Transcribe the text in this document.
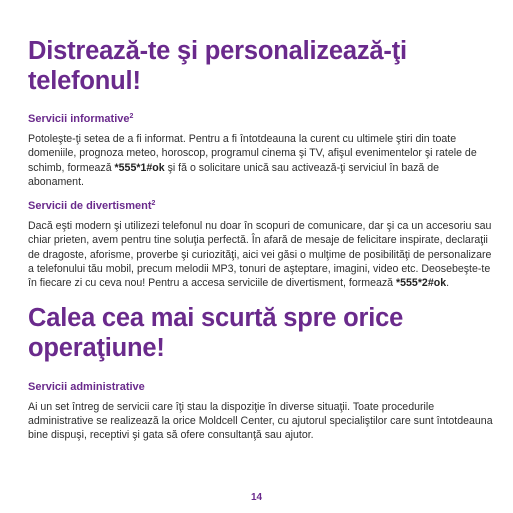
Distrează-te şi personalizează-ţi
telefonul!
Servicii informative$^2$

Potoleşte-ţi setea de a fi informat. Pentru a fi întotdeauna la curent cu ultimele ştiri din toate domeniile, prognoza meteo, horoscop, programul cinema şi TV, afişul evenimentelor şi ratele de schimb, formează *555*1#ok şi fă o solicitare unică sau activează-ţi serviciul în bază de abonament.

Servicii de divertisment$^2$

Dacă eşti modern şi utilizezi telefonul nu doar în scopuri de comunicare, dar şi ca un accesoriu sau chiar prieten, avem pentru tine soluţia perfectă. În afară de mesaje de felicitare inspirate, declaraţii de dragoste, aforisme, proverbe şi curiozităţi, aici vei găsi o mulţime de posibilităţi de personalizare a telefonului tău mobil, precum melodii MP3, tonuri de aşteptare, imagini, video etc. Deosebeşte-te în fiecare zi cu ceva nou! Pentru a accesa serviciile de divertisment, formează *555*2#ok.

Calea cea mai scurtă spre orice
operaţiune!
Servicii administrative

Ai un set întreg de servicii care îţi stau la dispoziţie în diverse situaţii. Toate procedurile administrative se realizează la orice Moldcell Center, cu ajutorul specialiştilor care sunt întotdeauna bine dispuşi, receptivi şi gata să ofere consultanţă sau ajutor.

14
